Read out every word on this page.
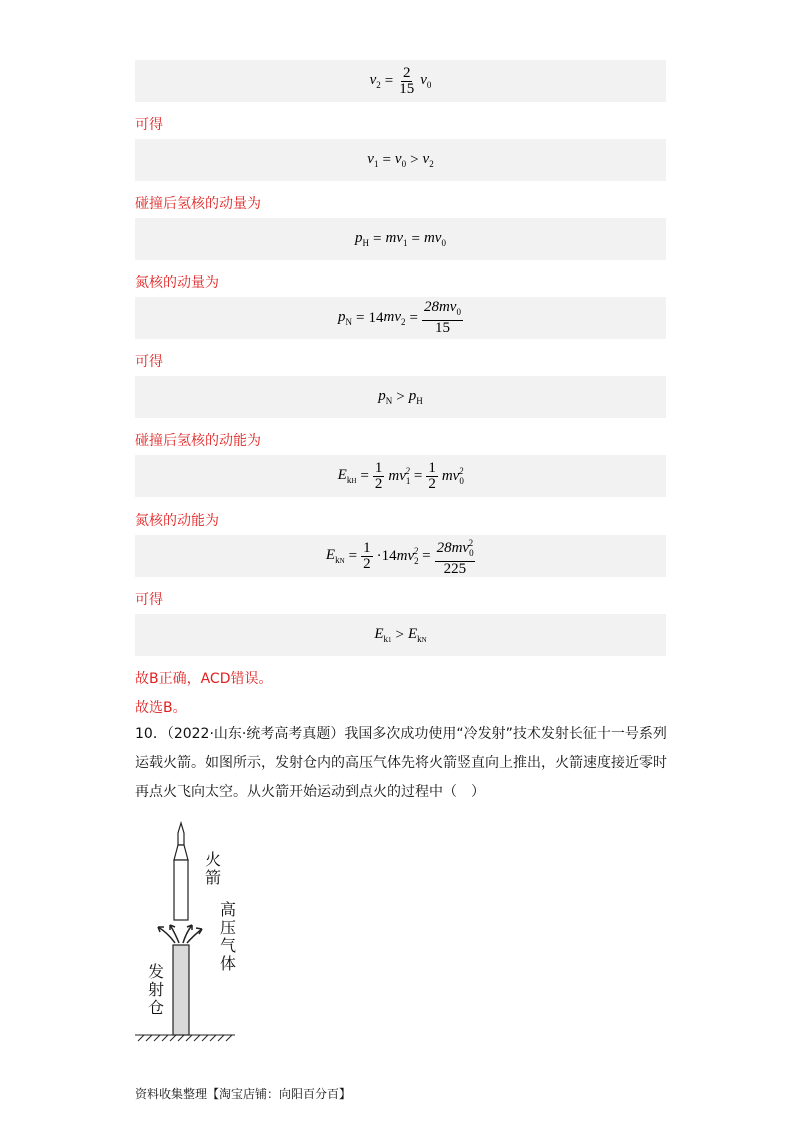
$v_2 = \frac{2}{15} v_0$
可得
$v_1 = v_0 > v_2$
碰撞后氢核的动量为
$p_H = mv_1 = mv_0$
氮核的动量为
$p_N = 14$ $mv_2 = \frac{28mv_0}{15}$
可得
$p_N > p_H$
碰撞后氢核的动能为
$E_{kH} = \frac{1}{2} mv_1^2 = \frac{1}{2} mv_0^2$
氮核的动能为
$E_{kN} = \frac{1}{2} \cdot 14$ $mv_2^2 = \frac{28mv_0^2}{225}$
可得
$E_{k1} > E_{kN}$
故B正确，ACD错误。
故选B。
10．（2022·山东·统考高考真题）我国多次成功使用“冷发射”技术发射长征十一号系列运载火箭。如图所示，发射仓内的高压气体先将火箭竖直向上推出，火箭速度接近零时再点火飞向太空。从火箭开始运动到点火的过程中（　）
火
箭
高
压
气
体
发
射
仓
资料收集整理【淘宝店铺：向阳百分百】
